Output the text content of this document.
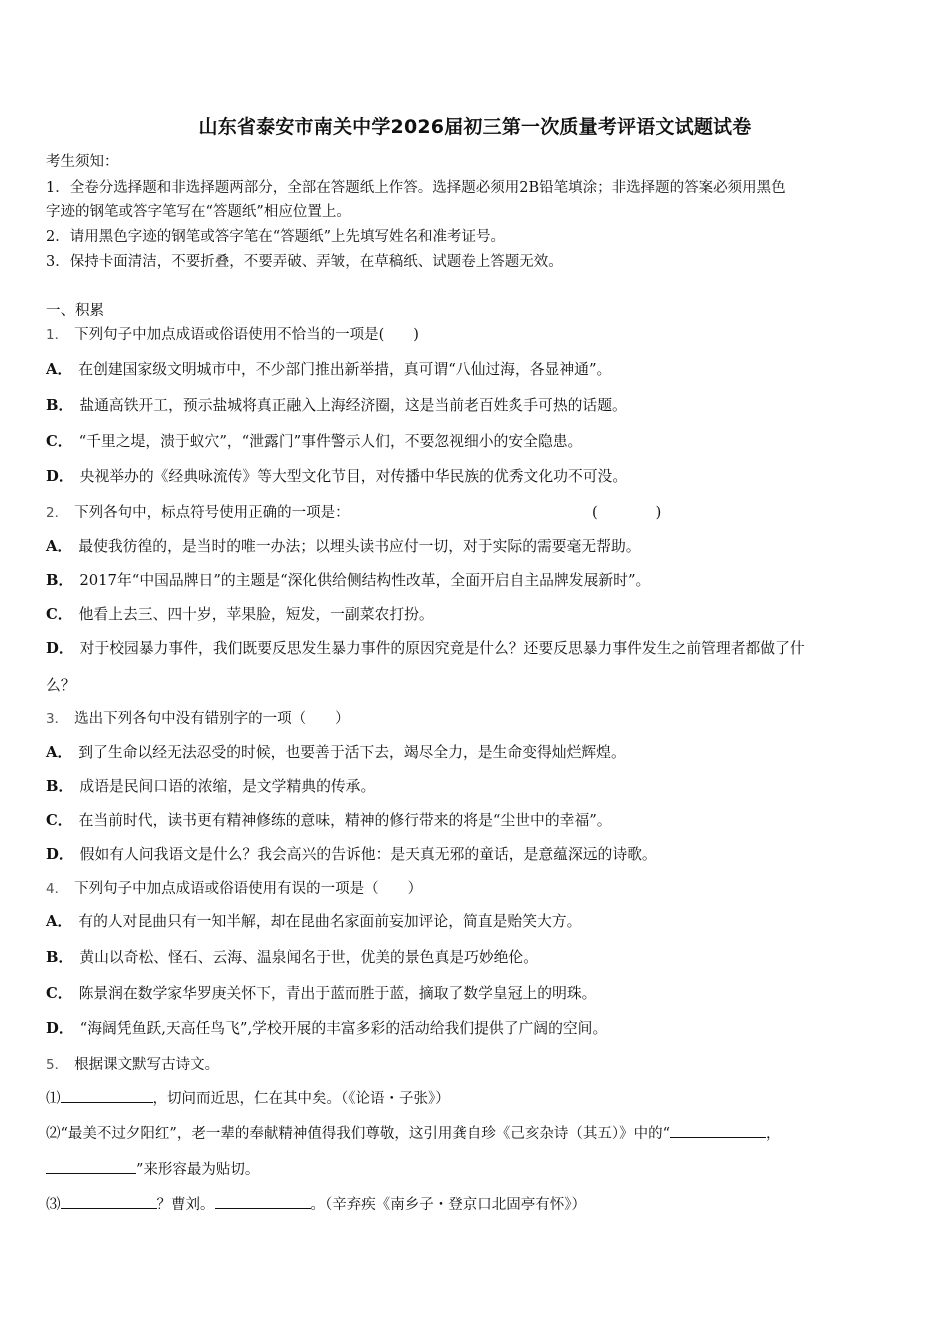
山东省泰安市南关中学2026届初三第一次质量考评语文试题试卷
考生须知：
1．全卷分选择题和非选择题两部分，全部在答题纸上作答。选择题必须用2B铅笔填涂；非选择题的答案必须用黑色
字迹的钢笔或答字笔写在“答题纸”相应位置上。
2．请用黑色字迹的钢笔或答字笔在“答题纸”上先填写姓名和准考证号。
3．保持卡面清洁，不要折叠，不要弄破、弄皱，在草稿纸、试题卷上答题无效。
一、积累
1． 下列句子中加点成语或俗语使用不恰当的一项是(　　)
A． 在创建国家级文明城市中，不少部门推出新举措，真可谓“八仙过海，各显神通”。
B． 盐通高铁开工，预示盐城将真正融入上海经济圈，这是当前老百姓炙手可热的话题。
C． “千里之堤，溃于蚁穴”，“泄露门”事件警示人们，不要忽视细小的安全隐患。
D． 央视举办的《经典咏流传》等大型文化节目，对传播中华民族的优秀文化功不可没。
2． 下列各句中，标点符号使用正确的一项是：	(　　　　)
A． 最使我彷徨的，是当时的唯一办法；以埋头读书应付一切，对于实际的需要毫无帮助。
B． 2017年“中国品牌日”的主题是“深化供给侧结构性改革，全面开启自主品牌发展新时”。
C． 他看上去三、四十岁，苹果脸，短发，一副菜农打扮。
D． 对于校园暴力事件，我们既要反思发生暴力事件的原因究竟是什么？还要反思暴力事件发生之前管理者都做了什
么？
3． 选出下列各句中没有错别字的一项（　　）
A． 到了生命以经无法忍受的时候，也要善于活下去，竭尽全力，是生命变得灿烂辉煌。
B． 成语是民间口语的浓缩，是文学精典的传承。
C． 在当前时代，读书更有精神修练的意味，精神的修行带来的将是“尘世中的幸福”。
D． 假如有人问我语文是什么？我会高兴的告诉他：是天真无邪的童话，是意蕴深远的诗歌。
4． 下列句子中加点成语或俗语使用有误的一项是（　　）
A． 有的人对昆曲只有一知半解，却在昆曲名家面前妄加评论，简直是贻笑大方。
B． 黄山以奇松、怪石、云海、温泉闻名于世，优美的景色真是巧妙绝伦。
C． 陈景润在数学家华罗庚关怀下，青出于蓝而胜于蓝，摘取了数学皇冠上的明珠。
D． “海阔凭鱼跃,天高任鸟飞”,学校开展的丰富多彩的活动给我们提供了广阔的空间。
5． 根据课文默写古诗文。
⑴	，切问而近思，仁在其中矣。（《论语・子张》）
⑵“最美不过夕阳红”，老一辈的奉献精神值得我们尊敬，这引用龚自珍《己亥杂诗（其五）》中的“	，
”来形容最为贴切。
⑶	？曹刘。	。（辛弃疾《南乡子・登京口北固亭有怀》）
